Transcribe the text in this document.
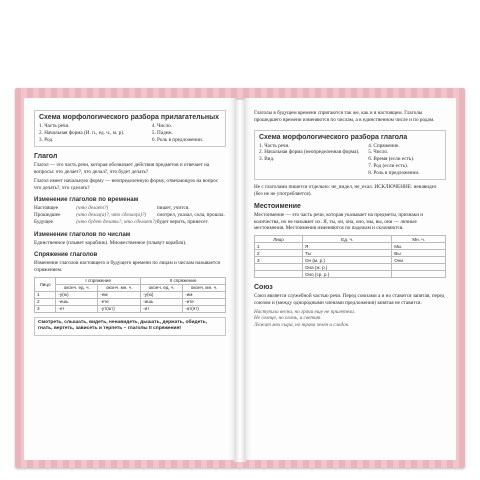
Схема морфологического разбора прилагательных

1. Часть речи.

2. Начальная форма (И. п., ед. ч., м. р).

3. Род.

4. Число.

5. Падеж.

6. Роль в предложении.

Глагол

Глагол — это часть речи, которая обозначает действия предметов и отвечает на вопросы: что делает?, что делал?, что будет делать?

Глагол имеет начальную форму — неопределенную форму, отвечающую на вопрос что делать?, что сделать?

Изменение глаголов по временам

Настоящее	(что делает?)	пишет, учится.
Прошедшее	(что делал(а)?, что сделал(а)?)	смотрел, указал, сола, прошла.
Будущее	(что будет делать?, что сделает?) будет верить, принесет.

Изменение глаголов по числам

Единственное (плывет кораблик). Множественное (плывут корабли).

Спряжение глаголов

Изменение глаголов настоящего и будущего времени по лицам и числам называется спряжением.

Лицо	I спряжение		II спряжение	
	оконч. ед. ч.	оконч. мн. ч.	оконч. ед. ч.	оконч. мн. ч.
1	-у(ю)	-ем	-у(ю)	-им
2	-ешь	-ете	-ишь	-ите
3	-ет	-ут(ют)	-ит	-ат(ят)

Смотреть, слышать, видеть, ненавидеть, дышать, держать, обидеть, гнать, вертеть, зависеть и терпеть – глаголы II спряжения!

Глаголы в будущем времени спрягаются так же, как и в настоящем. Глаголы прошедшего времени изменяются по числам, а в единственном числе и по родам.

Схема морфологического разбора глагола

1. Часть речи.

2. Начальная форма (неопределенная форма).

3. Вид.

4. Спряжение.

5. Число.

6. Время (если есть).

7. Род (если есть).

8. Роль в предложении.

Не с глаголами пишется отдельно: не_видел, не_ехал. ИСКЛЮЧЕНИЕ: ненавидел (без не не употребляется).

Местоимение

Местоимение — это часть речи, которая указывает на предметы, признаки и количества, но не называет их. Я, ты, он, она, оно, мы, вы, они — личные местоимения. Местоимения изменяются по падежам и склоняются.

Лицо	Ед. ч.	Мн. ч.
1	Я	Мы
2	Ты	Вы
3	Он (м. р.)	Они
	Она (ж. р.)	
	Оно (ср. р.)	

Союз

Союз является служебной частью речи. Перед союзами а и но ставится запятая, перед союзом и (между однородными членами предложения) запятая не ставится.

Наступила весна, но грачи еще не прилетели.

Не солнце, но огонь, и светит.

Лежит мох сыра, но трава зелен и сладок.
